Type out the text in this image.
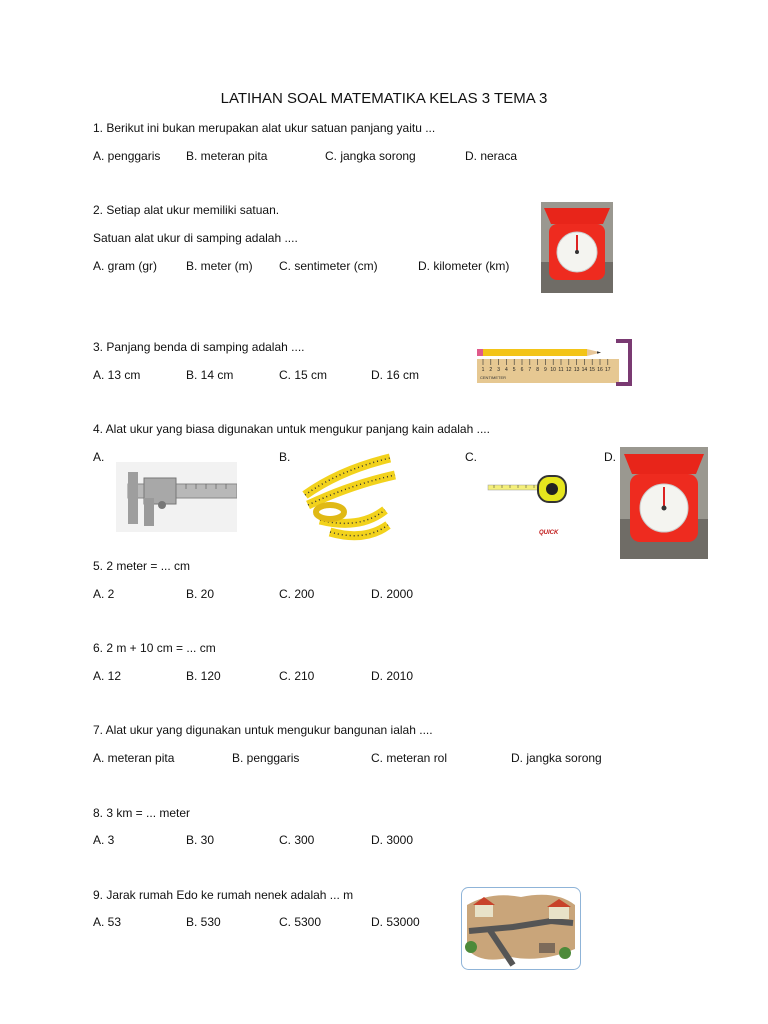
LATIHAN SOAL MATEMATIKA KELAS 3 TEMA 3
1. Berikut ini bukan merupakan alat ukur satuan panjang yaitu ...
A. penggaris B. meteran pita	C. jangka sorong	D. neraca
2. Setiap alat ukur memiliki satuan.
Satuan alat ukur di samping adalah ....
A. gram (gr) B. meter (m) C. sentimeter (cm)	D. kilometer (km)
3. Panjang benda di samping adalah ....
A. 13 cm	B. 14 cm	C. 15 cm	D. 16 cm	1 2 3 4 5 6 7 8 9 10 11 12 13 14 15 16 17
CENTIMETER
4. Alat ukur yang biasa digunakan untuk mengukur panjang kain adalah ....
A.	B.	C.	D.
QUICK
5. 2 meter = ... cm
A. 2	B. 20	C. 200	D. 2000
6. 2 m + 10 cm = ... cm
A. 12	B. 120	C. 210	D. 2010
7. Alat ukur yang digunakan untuk mengukur bangunan ialah ....
A. meteran pita	B. penggaris	C. meteran rol	D. jangka sorong
8. 3 km = ... meter
A. 3	B. 30	C. 300	D. 3000
9. Jarak rumah Edo ke rumah nenek adalah ... m
A. 53	B. 530	C. 5300	D. 53000
